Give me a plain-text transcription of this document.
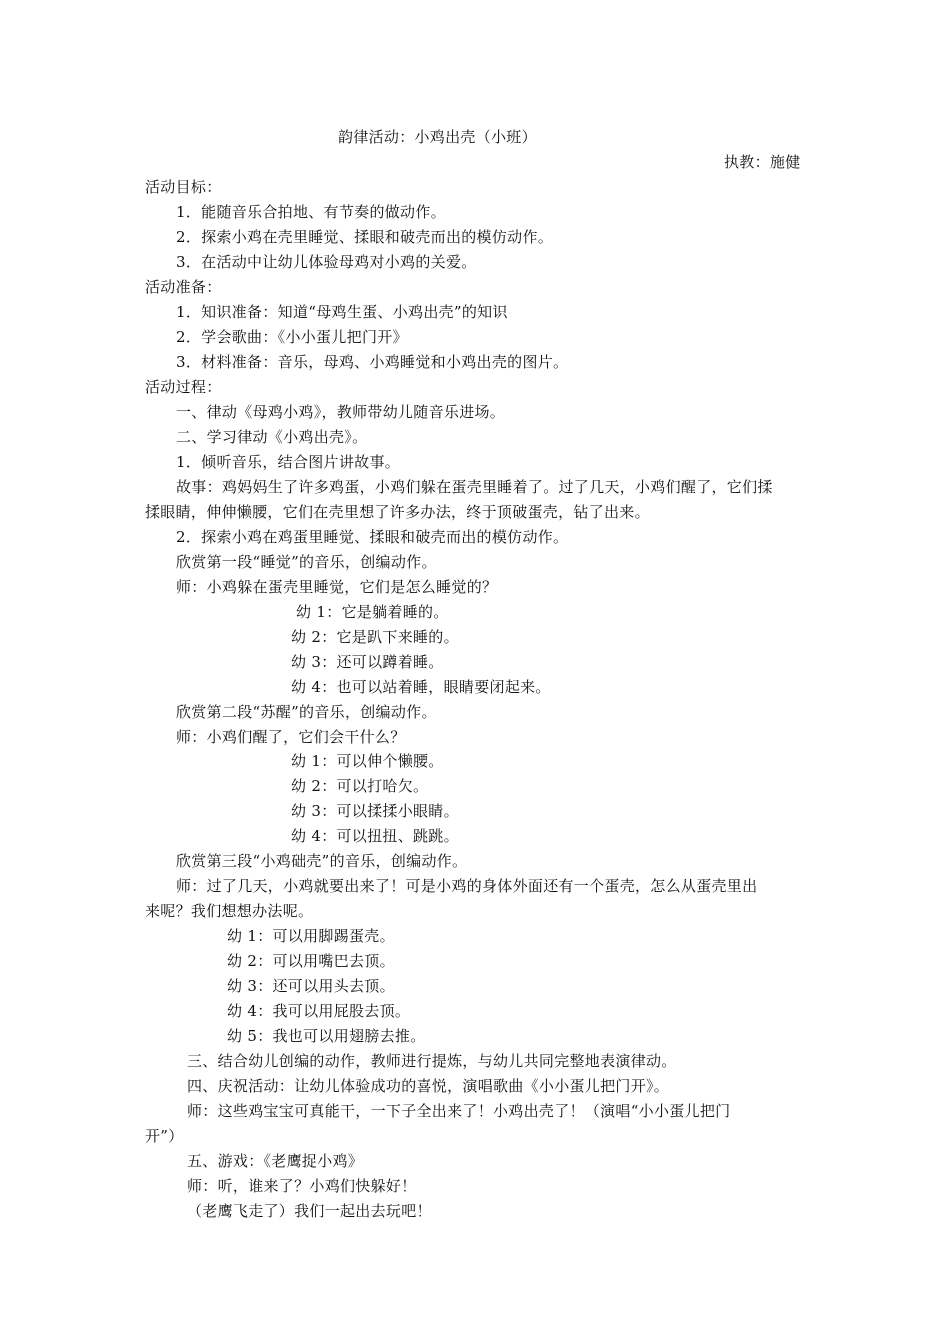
韵律活动：小鸡出壳（小班）
执教：施健
活动目标：
1．能随音乐合拍地、有节奏的做动作。
2．探索小鸡在壳里睡觉、揉眼和破壳而出的模仿动作。
3．在活动中让幼儿体验母鸡对小鸡的关爱。
活动准备：
1．知识准备：知道“母鸡生蛋、小鸡出壳”的知识
2．学会歌曲：《小小蛋儿把门开》
3．材料准备：音乐，母鸡、小鸡睡觉和小鸡出壳的图片。
活动过程：
一、律动《母鸡小鸡》，教师带幼儿随音乐进场。
二、学习律动《小鸡出壳》。
1．倾听音乐，结合图片讲故事。
故事：鸡妈妈生了许多鸡蛋，小鸡们躲在蛋壳里睡着了。过了几天，小鸡们醒了，它们揉
揉眼睛，伸伸懒腰，它们在壳里想了许多办法，终于顶破蛋壳，钻了出来。
2．探索小鸡在鸡蛋里睡觉、揉眼和破壳而出的模仿动作。
欣赏第一段“睡觉”的音乐，创编动作。
师：小鸡躲在蛋壳里睡觉，它们是怎么睡觉的？
幼 1：它是躺着睡的。
幼 2：它是趴下来睡的。
幼 3：还可以蹲着睡。
幼 4：也可以站着睡，眼睛要闭起来。
欣赏第二段“苏醒”的音乐，创编动作。
师：小鸡们醒了，它们会干什么？
幼 1：可以伸个懒腰。
幼 2：可以打哈欠。
幼 3：可以揉揉小眼睛。
幼 4：可以扭扭、跳跳。
欣赏第三段“小鸡础壳”的音乐，创编动作。
师：过了几天，小鸡就要出来了！可是小鸡的身体外面还有一个蛋壳，怎么从蛋壳里出
来呢？我们想想办法呢。
幼 1：可以用脚踢蛋壳。
幼 2：可以用嘴巴去顶。
幼 3：还可以用头去顶。
幼 4：我可以用屁股去顶。
幼 5：我也可以用翅膀去推。
三、结合幼儿创编的动作，教师进行提炼，与幼儿共同完整地表演律动。
四、庆祝活动：让幼儿体验成功的喜悦，演唱歌曲《小小蛋儿把门开》。
师：这些鸡宝宝可真能干，一下子全出来了！小鸡出壳了！（演唱“小小蛋儿把门
开”）
五、游戏：《老鹰捉小鸡》
师：听，谁来了？小鸡们快躲好！
（老鹰飞走了）我们一起出去玩吧！
